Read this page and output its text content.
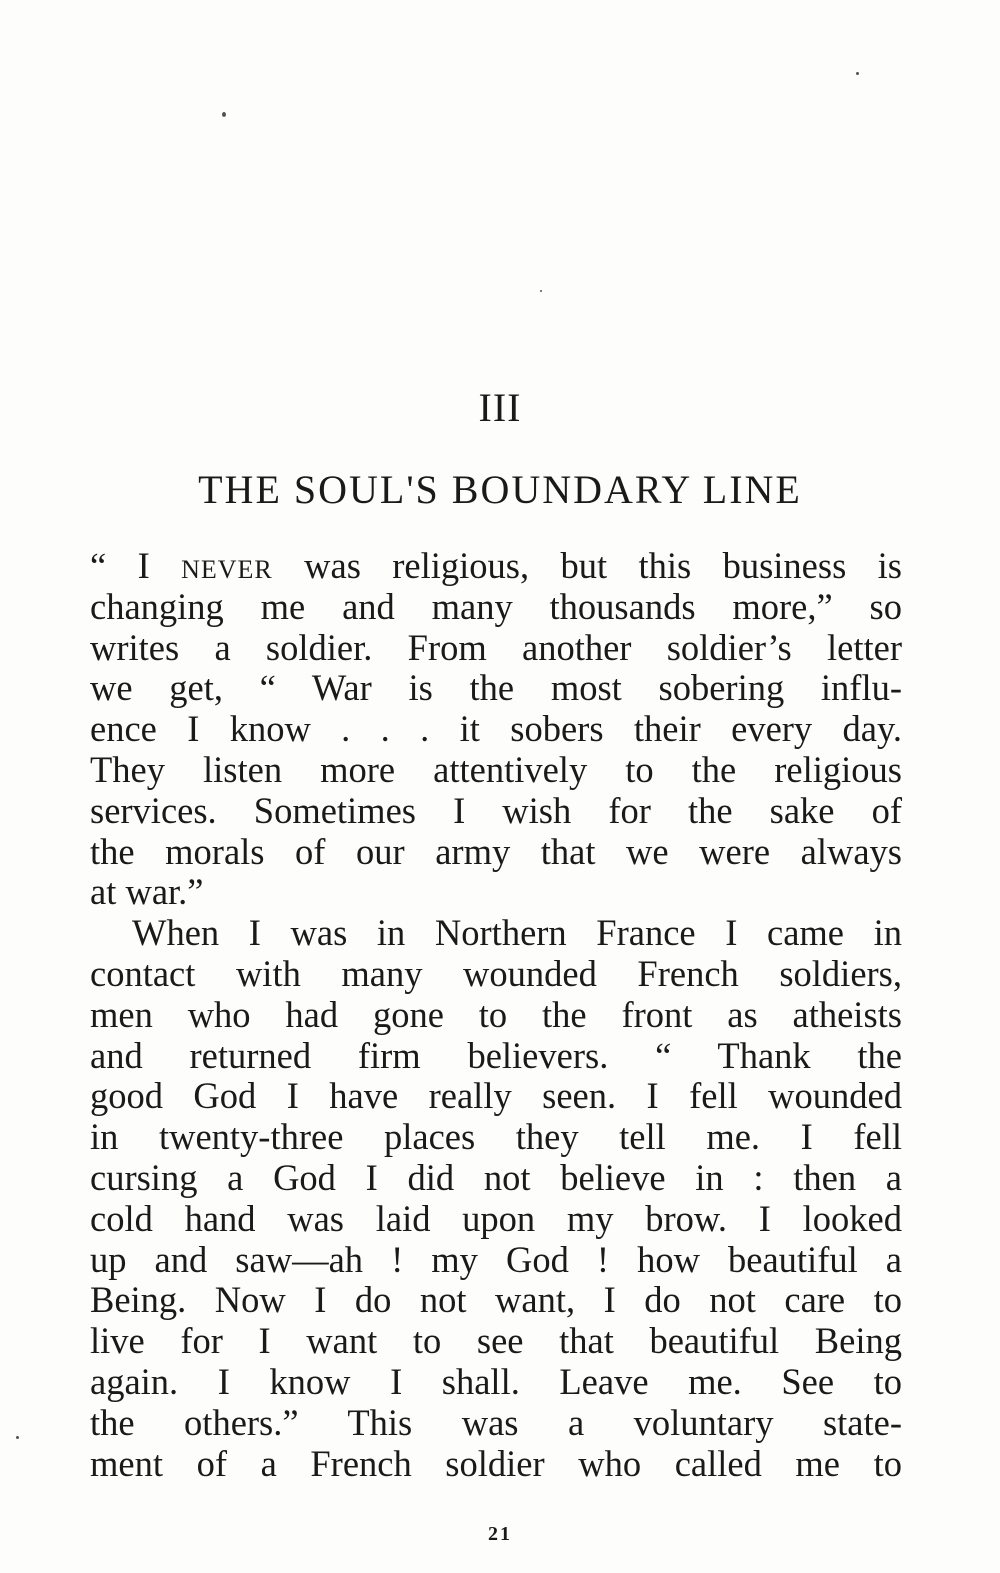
III
THE SOUL'S BOUNDARY LINE
“ I never was religious, but this business is
changing me and many thousands more,” so
writes a soldier. From another soldier’s letter
we get, “ War is the most sobering influ-
ence I know . . . it sobers their every day.
They listen more attentively to the religious
services. Sometimes I wish for the sake of
the morals of our army that we were always
at war.”
When I was in Northern France I came in
contact with many wounded French soldiers,
men who had gone to the front as atheists
and returned firm believers. “ Thank the
good God I have really seen. I fell wounded
in twenty-three places they tell me. I fell
cursing a God I did not believe in : then a
cold hand was laid upon my brow. I looked
up and saw—ah ! my God ! how beautiful a
Being. Now I do not want, I do not care to
live for I want to see that beautiful Being
again. I know I shall. Leave me. See to
the others.” This was a voluntary state-
ment of a French soldier who called me to
21
